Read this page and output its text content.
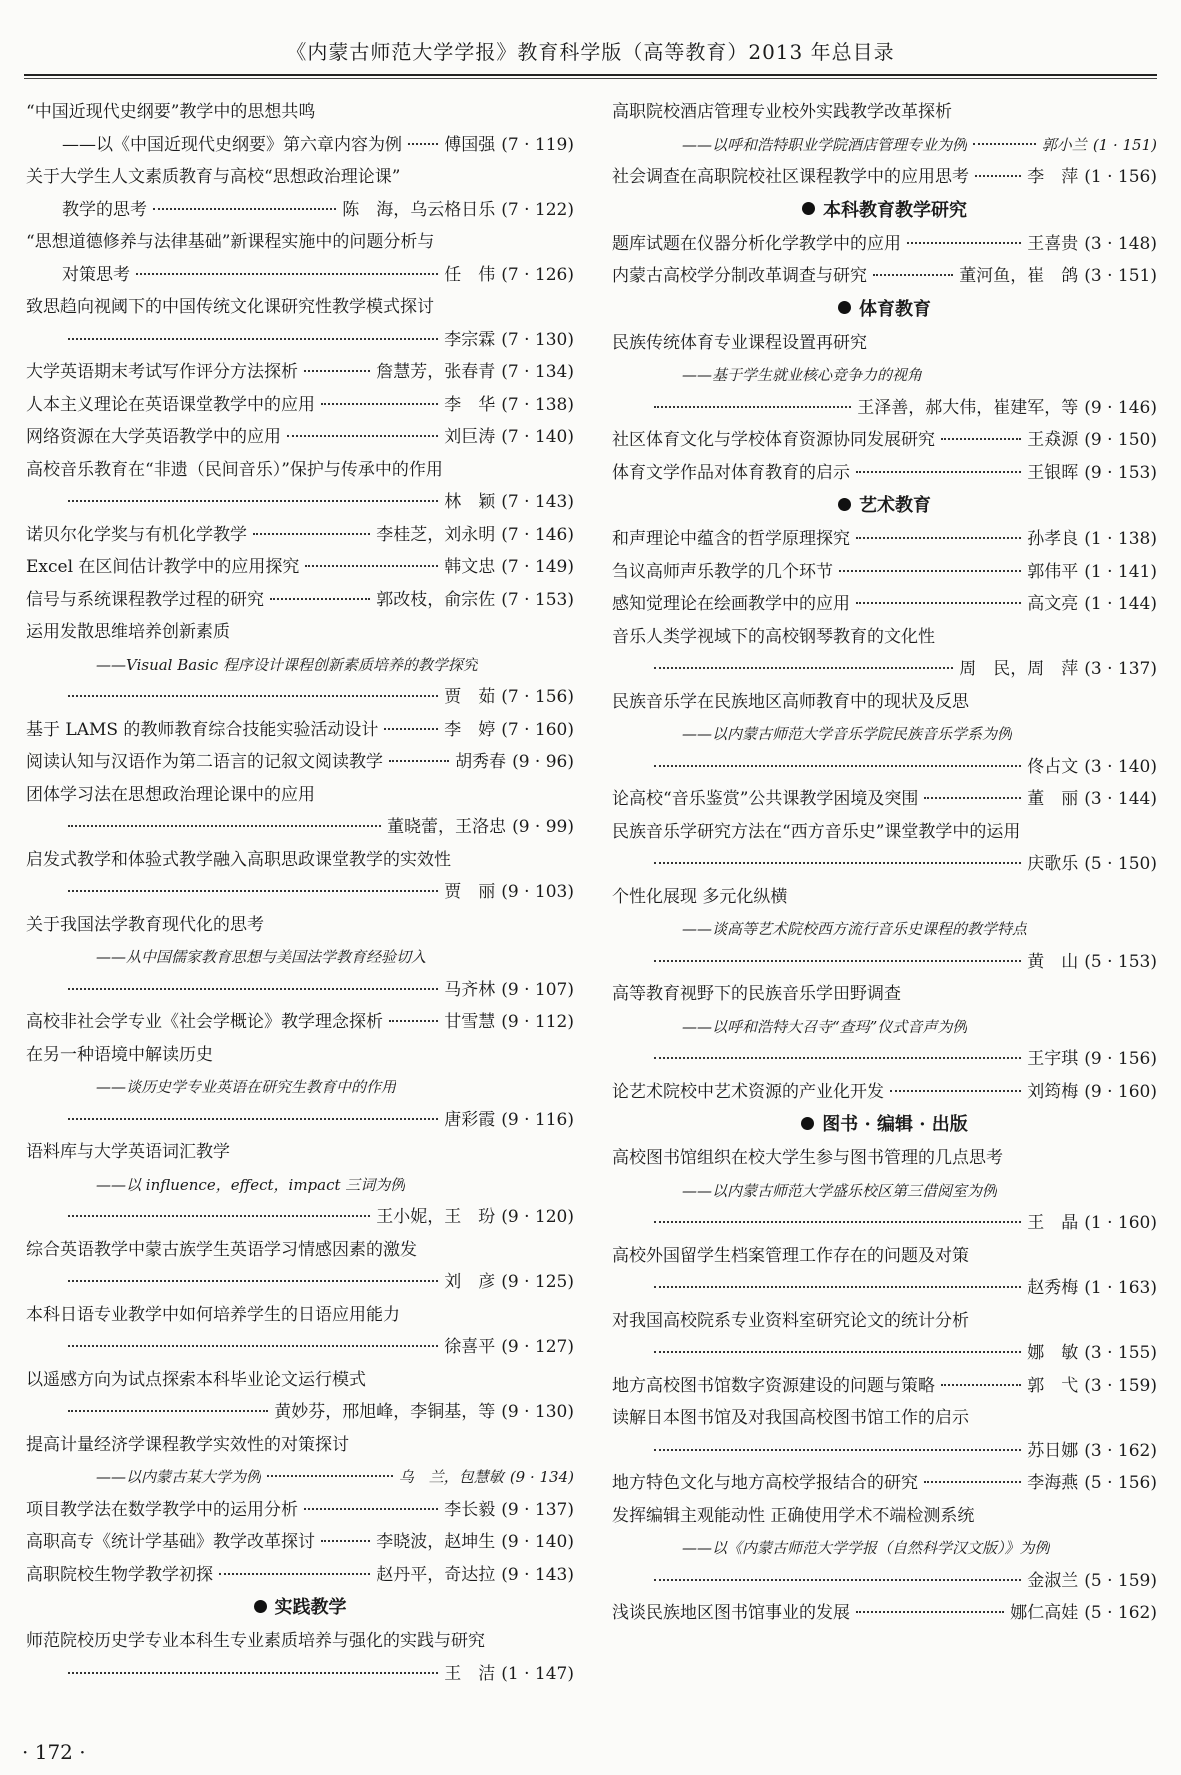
《内蒙古师范大学学报》教育科学版（高等教育）2013 年总目录
“中国近现代史纲要”教学中的思想共鸣
——以《中国近现代史纲要》第六章内容为例 傅国强 (7 · 119)
关于大学生人文素质教育与高校“思想政治理论课”
教学的思考	陈　海，乌云格日乐 (7 · 122)
“思想道德修养与法律基础”新课程实施中的问题分析与
对策思考	任　伟 (7 · 126)
致思趋向视阈下的中国传统文化课研究性教学模式探讨
李宗霖 (7 · 130)
大学英语期末考试写作评分方法探析	詹慧芳，张春青 (7 · 134)
人本主义理论在英语课堂教学中的应用	李　华 (7 · 138)
网络资源在大学英语教学中的应用	刘巨涛 (7 · 140)
高校音乐教育在“非遗（民间音乐）”保护与传承中的作用
林　颖 (7 · 143)
诺贝尔化学奖与有机化学教学	李桂芝，刘永明 (7 · 146)
Excel 在区间估计教学中的应用探究	韩文忠 (7 · 149)
信号与系统课程教学过程的研究	郭改枝，俞宗佐 (7 · 153)
运用发散思维培养创新素质
——Visual Basic 程序设计课程创新素质培养的教学探究
贾　茹 (7 · 156)
基于 LAMS 的教师教育综合技能实验活动设计	李　婷 (7 · 160)
阅读认知与汉语作为第二语言的记叙文阅读教学	胡秀春 (9 · 96)
团体学习法在思想政治理论课中的应用
董晓蕾，王洛忠 (9 · 99)
启发式教学和体验式教学融入高职思政课堂教学的实效性
贾　丽 (9 · 103)
关于我国法学教育现代化的思考
——从中国儒家教育思想与美国法学教育经验切入
马齐林 (9 · 107)
高校非社会学专业《社会学概论》教学理念探析	甘雪慧 (9 · 112)
在另一种语境中解读历史
——谈历史学专业英语在研究生教育中的作用
唐彩霞 (9 · 116)
语料库与大学英语词汇教学
——以 influence，effect，impact 三词为例
王小妮，王　玢 (9 · 120)
综合英语教学中蒙古族学生英语学习情感因素的激发
刘　彦 (9 · 125)
本科日语专业教学中如何培养学生的日语应用能力
徐喜平 (9 · 127)
以遥感方向为试点探索本科毕业论文运行模式
黄妙芬，邢旭峰，李铜基，等 (9 · 130)
提高计量经济学课程教学实效性的对策探讨
——以内蒙古某大学为例	乌　兰，包慧敏 (9 · 134)
项目教学法在数学教学中的运用分析	李长毅 (9 · 137)
高职高专《统计学基础》教学改革探讨	李晓波，赵坤生 (9 · 140)
高职院校生物学教学初探	赵丹平，奇达拉 (9 · 143)
实践教学
师范院校历史学专业本科生专业素质培养与强化的实践与研究
王　洁 (1 · 147)
高职院校酒店管理专业校外实践教学改革探析
——以呼和浩特职业学院酒店管理专业为例	郭小兰 (1 · 151)
社会调查在高职院校社区课程教学中的应用思考	李　萍 (1 · 156)
本科教育教学研究
题库试题在仪器分析化学教学中的应用	王喜贵 (3 · 148)
内蒙古高校学分制改革调查与研究	董河鱼，崔　鸽 (3 · 151)
体育教育
民族传统体育专业课程设置再研究
——基于学生就业核心竞争力的视角
王泽善，郝大伟，崔建军，等 (9 · 146)
社区体育文化与学校体育资源协同发展研究	王猋源 (9 · 150)
体育文学作品对体育教育的启示	王银晖 (9 · 153)
艺术教育
和声理论中蕴含的哲学原理探究	孙孝良 (1 · 138)
刍议高师声乐教学的几个环节	郭伟平 (1 · 141)
感知觉理论在绘画教学中的应用	高文亮 (1 · 144)
音乐人类学视域下的高校钢琴教育的文化性
周　民，周　萍 (3 · 137)
民族音乐学在民族地区高师教育中的现状及反思
——以内蒙古师范大学音乐学院民族音乐学系为例
佟占文 (3 · 140)
论高校“音乐鉴赏”公共课教学困境及突围	董　丽 (3 · 144)
民族音乐学研究方法在“西方音乐史”课堂教学中的运用
庆歌乐 (5 · 150)
个性化展现 多元化纵横
——谈高等艺术院校西方流行音乐史课程的教学特点
黄　山 (5 · 153)
高等教育视野下的民族音乐学田野调查
——以呼和浩特大召寺“查玛”仪式音声为例
王宇琪 (9 · 156)
论艺术院校中艺术资源的产业化开发	刘筠梅 (9 · 160)
图书 · 编辑 · 出版
高校图书馆组织在校大学生参与图书管理的几点思考
——以内蒙古师范大学盛乐校区第三借阅室为例
王　晶 (1 · 160)
高校外国留学生档案管理工作存在的问题及对策
赵秀梅 (1 · 163)
对我国高校院系专业资料室研究论文的统计分析
娜　敏 (3 · 155)
地方高校图书馆数字资源建设的问题与策略	郭　弋 (3 · 159)
读解日本图书馆及对我国高校图书馆工作的启示
苏日娜 (3 · 162)
地方特色文化与地方高校学报结合的研究	李海燕 (5 · 156)
发挥编辑主观能动性 正确使用学术不端检测系统
——以《内蒙古师范大学学报（自然科学汉文版）》为例
金淑兰 (5 · 159)
浅谈民族地区图书馆事业的发展	娜仁高娃 (5 · 162)
· 172 ·
